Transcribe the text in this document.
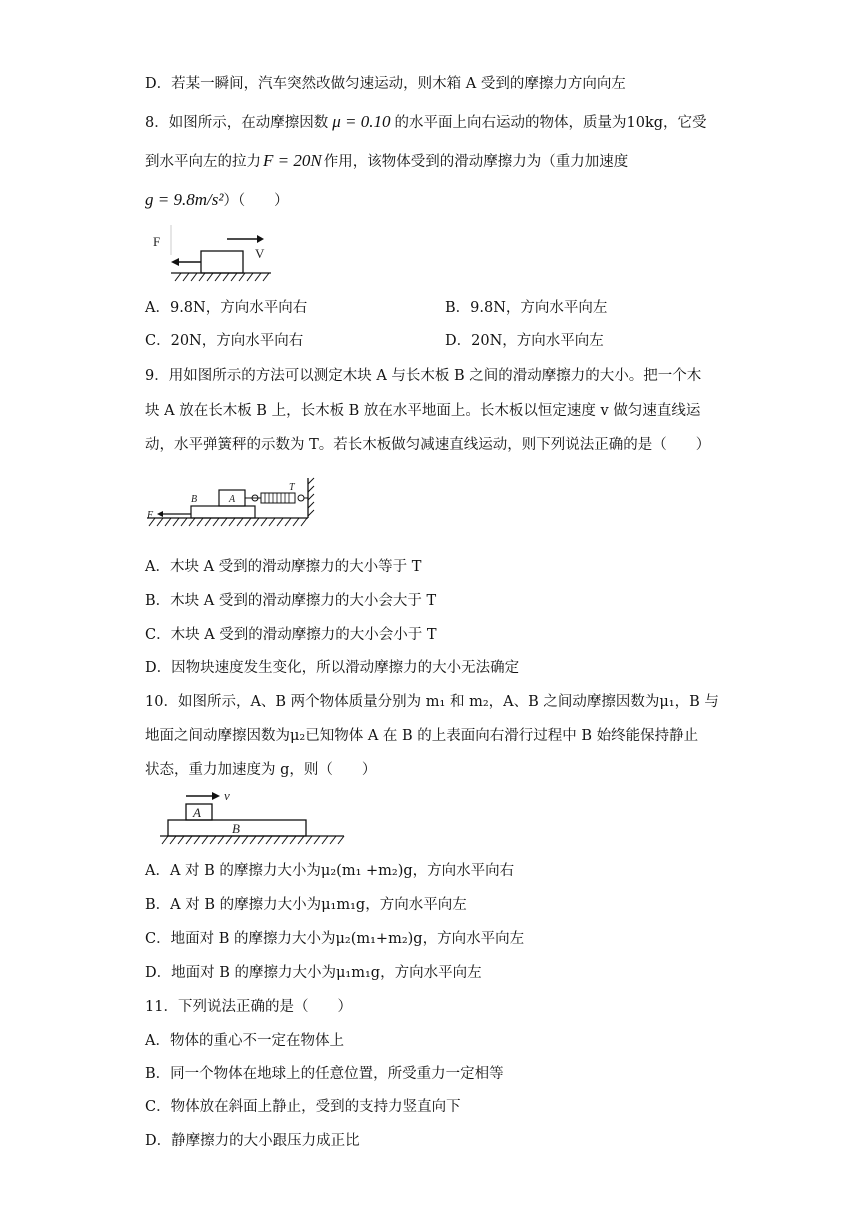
D．若某一瞬间，汽车突然改做匀速运动，则木箱 A 受到的摩擦力方向向左
8．如图所示，在动摩擦因数 μ = 0.10 的水平面上向右运动的物体，质量为10kg，它受
到水平向左的拉力 F = 20N 作用，该物体受到的滑动摩擦力为（重力加速度
g = 9.8m/s²）（　　）
F
V
A．9.8N，方向水平向右	B．9.8N，方向水平向左
C．20N，方向水平向右	D．20N，方向水平向左
9．用如图所示的方法可以测定木块 A 与长木板 B 之间的滑动摩擦力的大小。把一个木
块 A 放在长木板 B 上，长木板 B 放在水平地面上。长木板以恒定速度 v 做匀速直线运
动，水平弹簧秤的示数为 T。若长木板做匀减速直线运动，则下列说法正确的是（　　）
B	A
T
F
A．木块 A 受到的滑动摩擦力的大小等于 T
B．木块 A 受到的滑动摩擦力的大小会大于 T
C．木块 A 受到的滑动摩擦力的大小会小于 T
D．因物块速度发生变化，所以滑动摩擦力的大小无法确定
10．如图所示，A、B 两个物体质量分别为 m₁ 和 m₂，A、B 之间动摩擦因数为μ₁，B 与
地面之间动摩擦因数为μ₂已知物体 A 在 B 的上表面向右滑行过程中 B 始终能保持静止
状态，重力加速度为 g，则（　　）
v
A
B
A．A 对 B 的摩擦力大小为μ₂(m₁ +m₂)g，方向水平向右
B．A 对 B 的摩擦力大小为μ₁m₁g，方向水平向左
C．地面对 B 的摩擦力大小为μ₂(m₁+m₂)g，方向水平向左
D．地面对 B 的摩擦力大小为μ₁m₁g，方向水平向左
11．下列说法正确的是（　　）
A．物体的重心不一定在物体上
B．同一个物体在地球上的任意位置，所受重力一定相等
C．物体放在斜面上静止，受到的支持力竖直向下
D．静摩擦力的大小跟压力成正比
